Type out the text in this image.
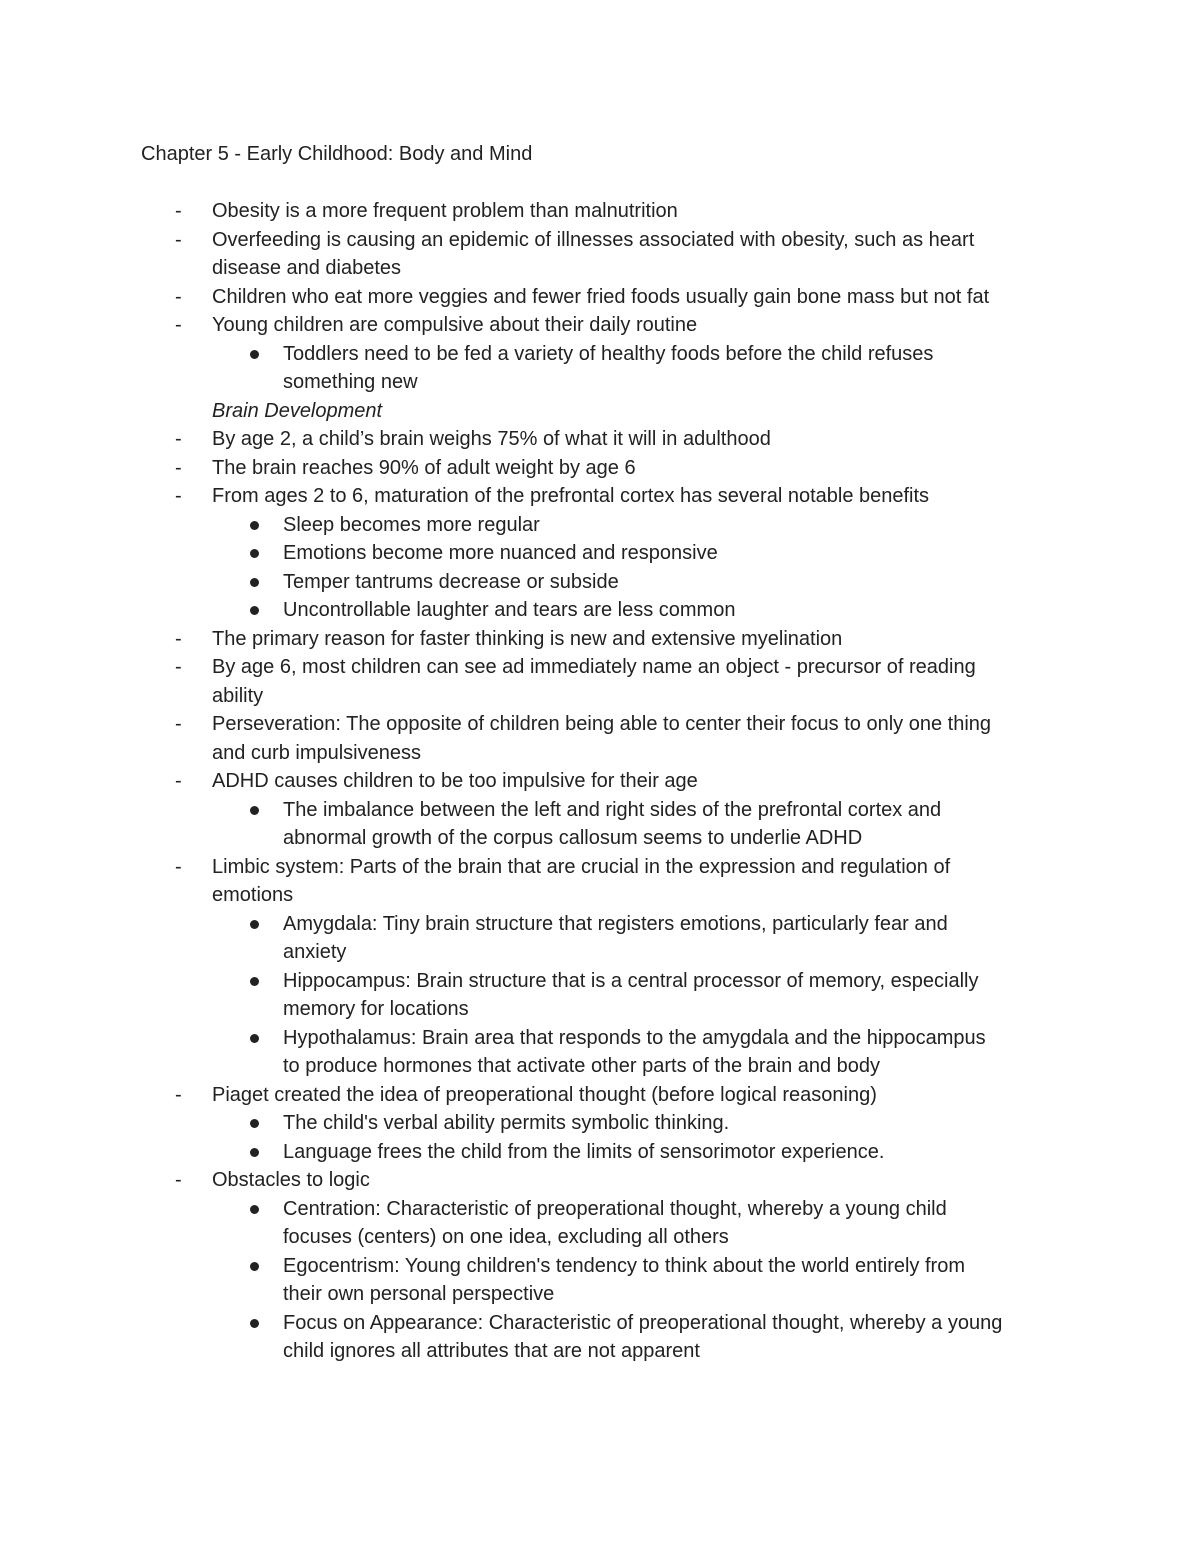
Chapter 5 - Early Childhood: Body and Mind
- Obesity is a more frequent problem than malnutrition
- Overfeeding is causing an epidemic of illnesses associated with obesity, such as heart
disease and diabetes
- Children who eat more veggies and fewer fried foods usually gain bone mass but not fat
- Young children are compulsive about their daily routine
Toddlers need to be fed a variety of healthy foods before the child refuses
something new
Brain Development
- By age 2, a child’s brain weighs 75% of what it will in adulthood
- The brain reaches 90% of adult weight by age 6
- From ages 2 to 6, maturation of the prefrontal cortex has several notable benefits
Sleep becomes more regular
Emotions become more nuanced and responsive
Temper tantrums decrease or subside
Uncontrollable laughter and tears are less common
- The primary reason for faster thinking is new and extensive myelination
- By age 6, most children can see ad immediately name an object - precursor of reading
ability
- Perseveration: The opposite of children being able to center their focus to only one thing
and curb impulsiveness
- ADHD causes children to be too impulsive for their age
The imbalance between the left and right sides of the prefrontal cortex and
abnormal growth of the corpus callosum seems to underlie ADHD
- Limbic system: Parts of the brain that are crucial in the expression and regulation of
emotions
Amygdala: Tiny brain structure that registers emotions, particularly fear and
anxiety
Hippocampus: Brain structure that is a central processor of memory, especially
memory for locations
Hypothalamus: Brain area that responds to the amygdala and the hippocampus
to produce hormones that activate other parts of the brain and body
- Piaget created the idea of preoperational thought (before logical reasoning)
The child's verbal ability permits symbolic thinking.
Language frees the child from the limits of sensorimotor experience.
- Obstacles to logic
Centration: Characteristic of preoperational thought, whereby a young child
focuses (centers) on one idea, excluding all others
Egocentrism: Young children's tendency to think about the world entirely from
their own personal perspective
Focus on Appearance: Characteristic of preoperational thought, whereby a young
child ignores all attributes that are not apparent
